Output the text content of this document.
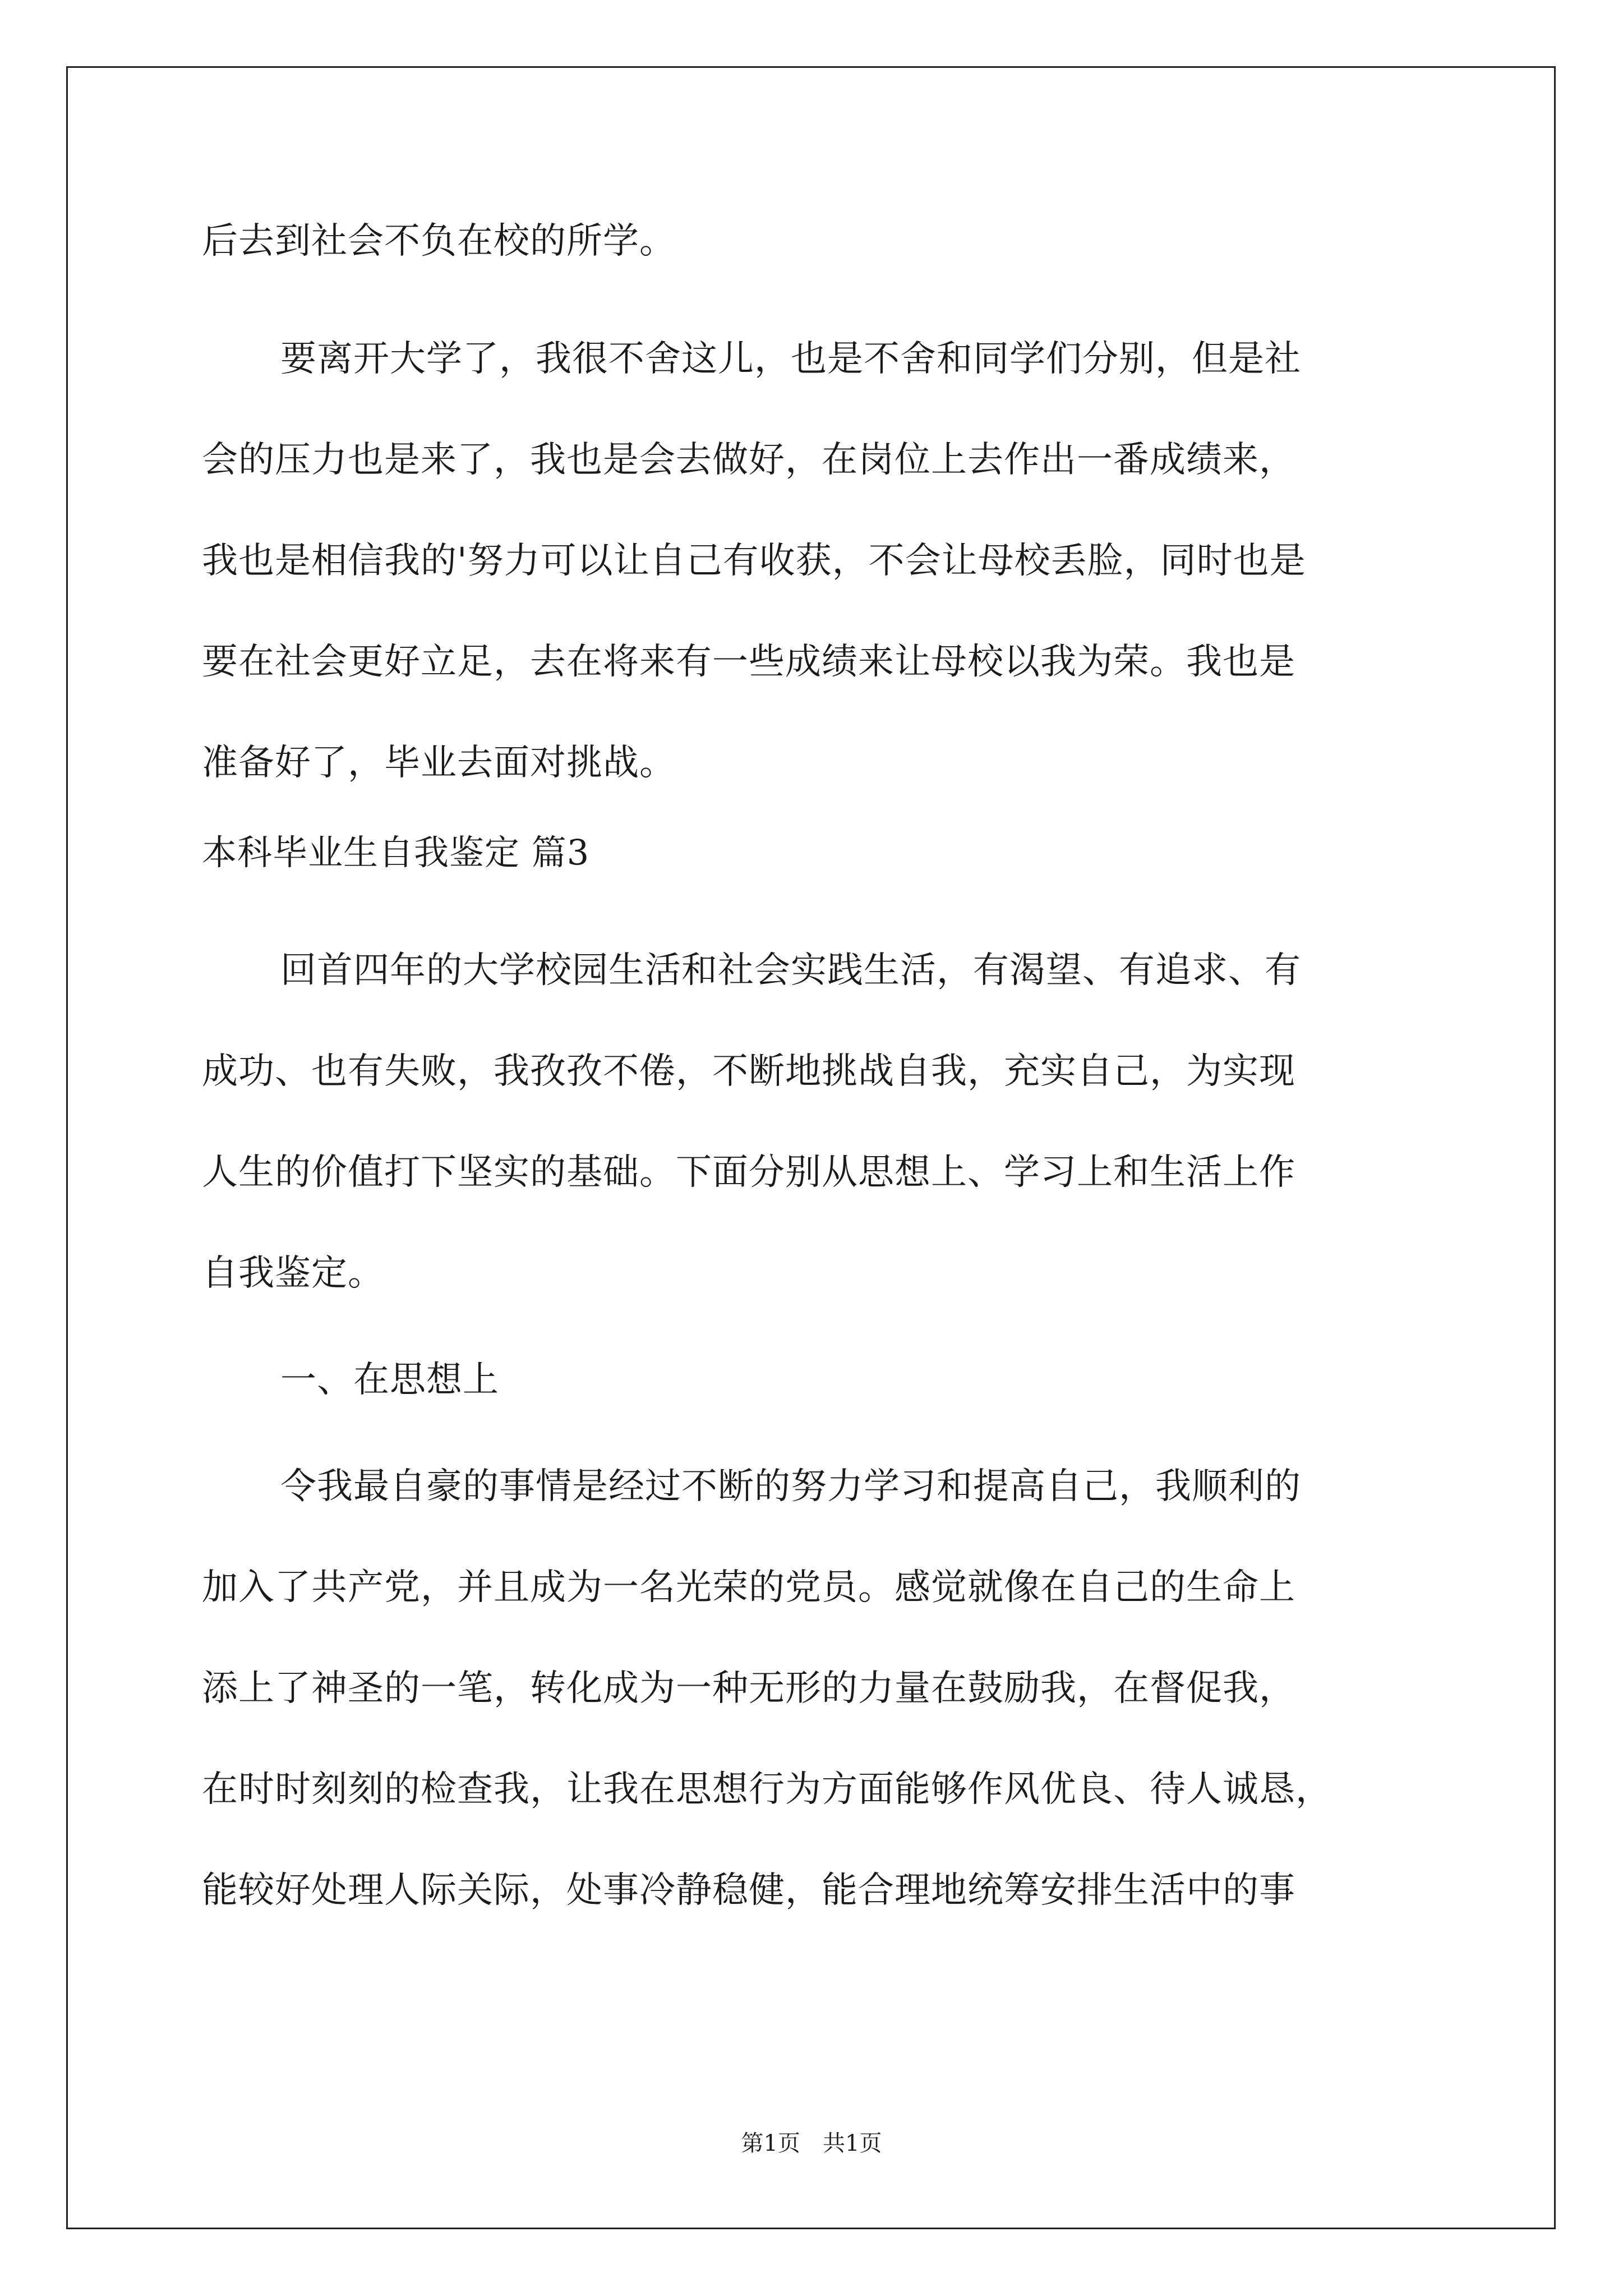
后去到社会不负在校的所学。
要离开大学了，我很不舍这儿，也是不舍和同学们分别，但是社
会的压力也是来了，我也是会去做好，在岗位上去作出一番成绩来，
我也是相信我的'努力可以让自己有收获，不会让母校丢脸，同时也是
要在社会更好立足，去在将来有一些成绩来让母校以我为荣。我也是
准备好了，毕业去面对挑战。
本科毕业生自我鉴定 篇3
回首四年的大学校园生活和社会实践生活，有渴望、有追求、有
成功、也有失败，我孜孜不倦，不断地挑战自我，充实自己，为实现
人生的价值打下坚实的基础。下面分别从思想上、学习上和生活上作
自我鉴定。
一、在思想上
令我最自豪的事情是经过不断的努力学习和提高自己，我顺利的
加入了共产党，并且成为一名光荣的党员。感觉就像在自己的生命上
添上了神圣的一笔，转化成为一种无形的力量在鼓励我，在督促我，
在时时刻刻的检查我，让我在思想行为方面能够作风优良、待人诚恳，
能较好处理人际关际，处事冷静稳健，能合理地统筹安排生活中的事
第1页　共1页
